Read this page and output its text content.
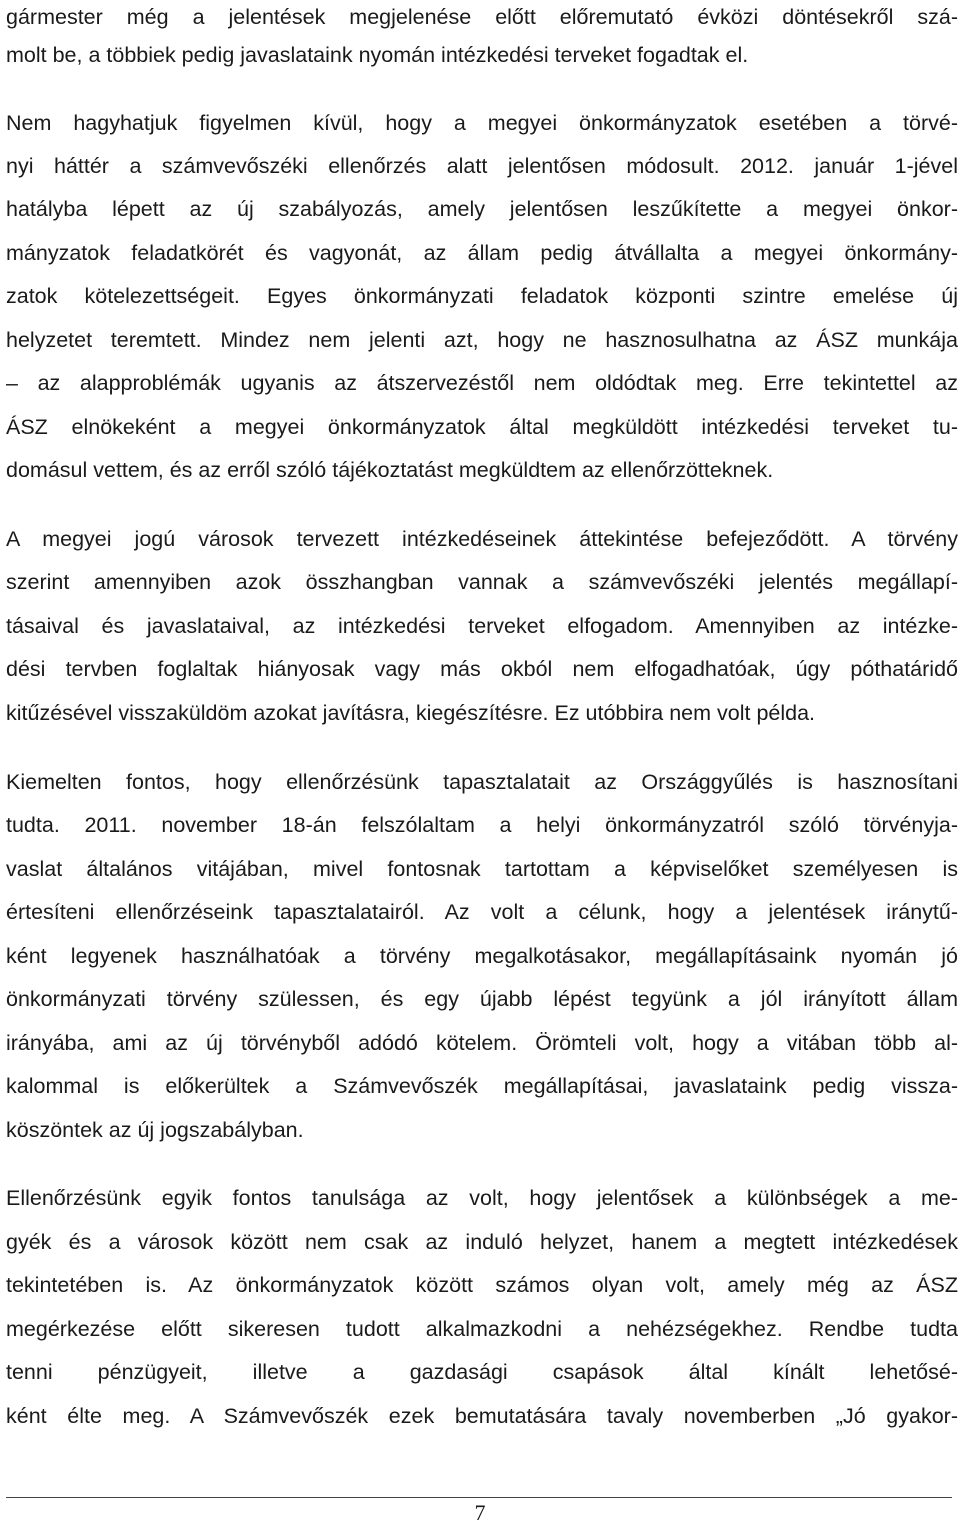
gármester még a jelentések megjelenése előtt előremutató évközi döntésekről szá-
molt be, a többiek pedig javaslataink nyomán intézkedési terveket fogadtak el.
Nem hagyhatjuk figyelmen kívül, hogy a megyei önkormányzatok esetében a törvé-
nyi háttér a számvevőszéki ellenőrzés alatt jelentősen módosult. 2012. január 1-jével
hatályba lépett az új szabályozás, amely jelentősen leszűkítette a megyei önkor-
mányzatok feladatkörét és vagyonát, az állam pedig átvállalta a megyei önkormány-
zatok kötelezettségeit. Egyes önkormányzati feladatok központi szintre emelése új
helyzetet teremtett. Mindez nem jelenti azt, hogy ne hasznosulhatna az ÁSZ munkája
– az alapproblémák ugyanis az átszervezéstől nem oldódtak meg. Erre tekintettel az
ÁSZ elnökeként a megyei önkormányzatok által megküldött intézkedési terveket tu-
domásul vettem, és az erről szóló tájékoztatást megküldtem az ellenőrzötteknek.
A megyei jogú városok tervezett intézkedéseinek áttekintése befejeződött. A törvény
szerint amennyiben azok összhangban vannak a számvevőszéki jelentés megállapí-
tásaival és javaslataival, az intézkedési terveket elfogadom. Amennyiben az intézke-
dési tervben foglaltak hiányosak vagy más okból nem elfogadhatóak, úgy póthatáridő
kitűzésével visszaküldöm azokat javításra, kiegészítésre. Ez utóbbira nem volt példa.
Kiemelten fontos, hogy ellenőrzésünk tapasztalatait az Országgyűlés is hasznosítani
tudta. 2011. november 18-án felszólaltam a helyi önkormányzatról szóló törvényja-
vaslat általános vitájában, mivel fontosnak tartottam a képviselőket személyesen is
értesíteni ellenőrzéseink tapasztalatairól. Az volt a célunk, hogy a jelentések iránytű-
ként legyenek használhatóak a törvény megalkotásakor, megállapításaink nyomán jó
önkormányzati törvény szülessen, és egy újabb lépést tegyünk a jól irányított állam
irányába, ami az új törvényből adódó kötelem. Örömteli volt, hogy a vitában több al-
kalommal is előkerültek a Számvevőszék megállapításai, javaslataink pedig vissza-
köszöntek az új jogszabályban.
Ellenőrzésünk egyik fontos tanulsága az volt, hogy jelentősek a különbségek a me-
gyék és a városok között nem csak az induló helyzet, hanem a megtett intézkedések
tekintetében is. Az önkormányzatok között számos olyan volt, amely még az ÁSZ
megérkezése előtt sikeresen tudott alkalmazkodni a nehézségekhez. Rendbe tudta
tenni pénzügyeit, illetve a gazdasági csapások által kínált lehetősé-
ként élte meg. A Számvevőszék ezek bemutatására tavaly novemberben „Jó gyakor-
7
